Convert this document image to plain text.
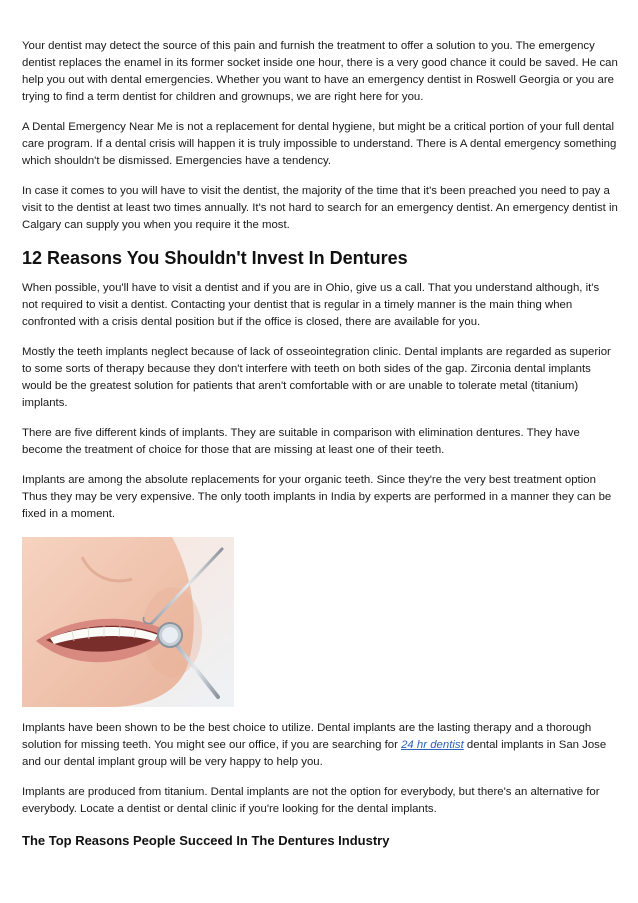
Your dentist may detect the source of this pain and furnish the treatment to offer a solution to you. The emergency dentist replaces the enamel in its former socket inside one hour, there is a very good chance it could be saved. He can help you out with dental emergencies. Whether you want to have an emergency dentist in Roswell Georgia or you are trying to find a term dentist for children and grownups, we are right here for you.

A Dental Emergency Near Me is not a replacement for dental hygiene, but might be a critical portion of your full dental care program. If a dental crisis will happen it is truly impossible to understand. There is A dental emergency something which shouldn't be dismissed. Emergencies have a tendency.

In case it comes to you will have to visit the dentist, the majority of the time that it's been preached you need to pay a visit to the dentist at least two times annually. It's not hard to search for an emergency dentist. An emergency dentist in Calgary can supply you when you require it the most.

12 Reasons You Shouldn't Invest In Dentures

When possible, you'll have to visit a dentist and if you are in Ohio, give us a call. That you understand although, it's not required to visit a dentist. Contacting your dentist that is regular in a timely manner is the main thing when confronted with a crisis dental position but if the office is closed, there are available for you.

Mostly the teeth implants neglect because of lack of osseointegration clinic. Dental implants are regarded as superior to some sorts of therapy because they don't interfere with teeth on both sides of the gap. Zirconia dental implants would be the greatest solution for patients that aren't comfortable with or are unable to tolerate metal (titanium) implants.

There are five different kinds of implants. They are suitable in comparison with elimination dentures. They have become the treatment of choice for those that are missing at least one of their teeth.

Implants are among the absolute replacements for your organic teeth. Since they're the very best treatment option Thus they may be very expensive. The only tooth implants in India by experts are performed in a manner they can be fixed in a moment.

Implants have been shown to be the best choice to utilize. Dental implants are the lasting therapy and a thorough solution for missing teeth. You might see our office, if you are searching for 24 hr dentist dental implants in San Jose and our dental implant group will be very happy to help you.

Implants are produced from titanium. Dental implants are not the option for everybody, but there's an alternative for everybody. Locate a dentist or dental clinic if you're looking for the dental implants.

The Top Reasons People Succeed In The Dentures Industry
